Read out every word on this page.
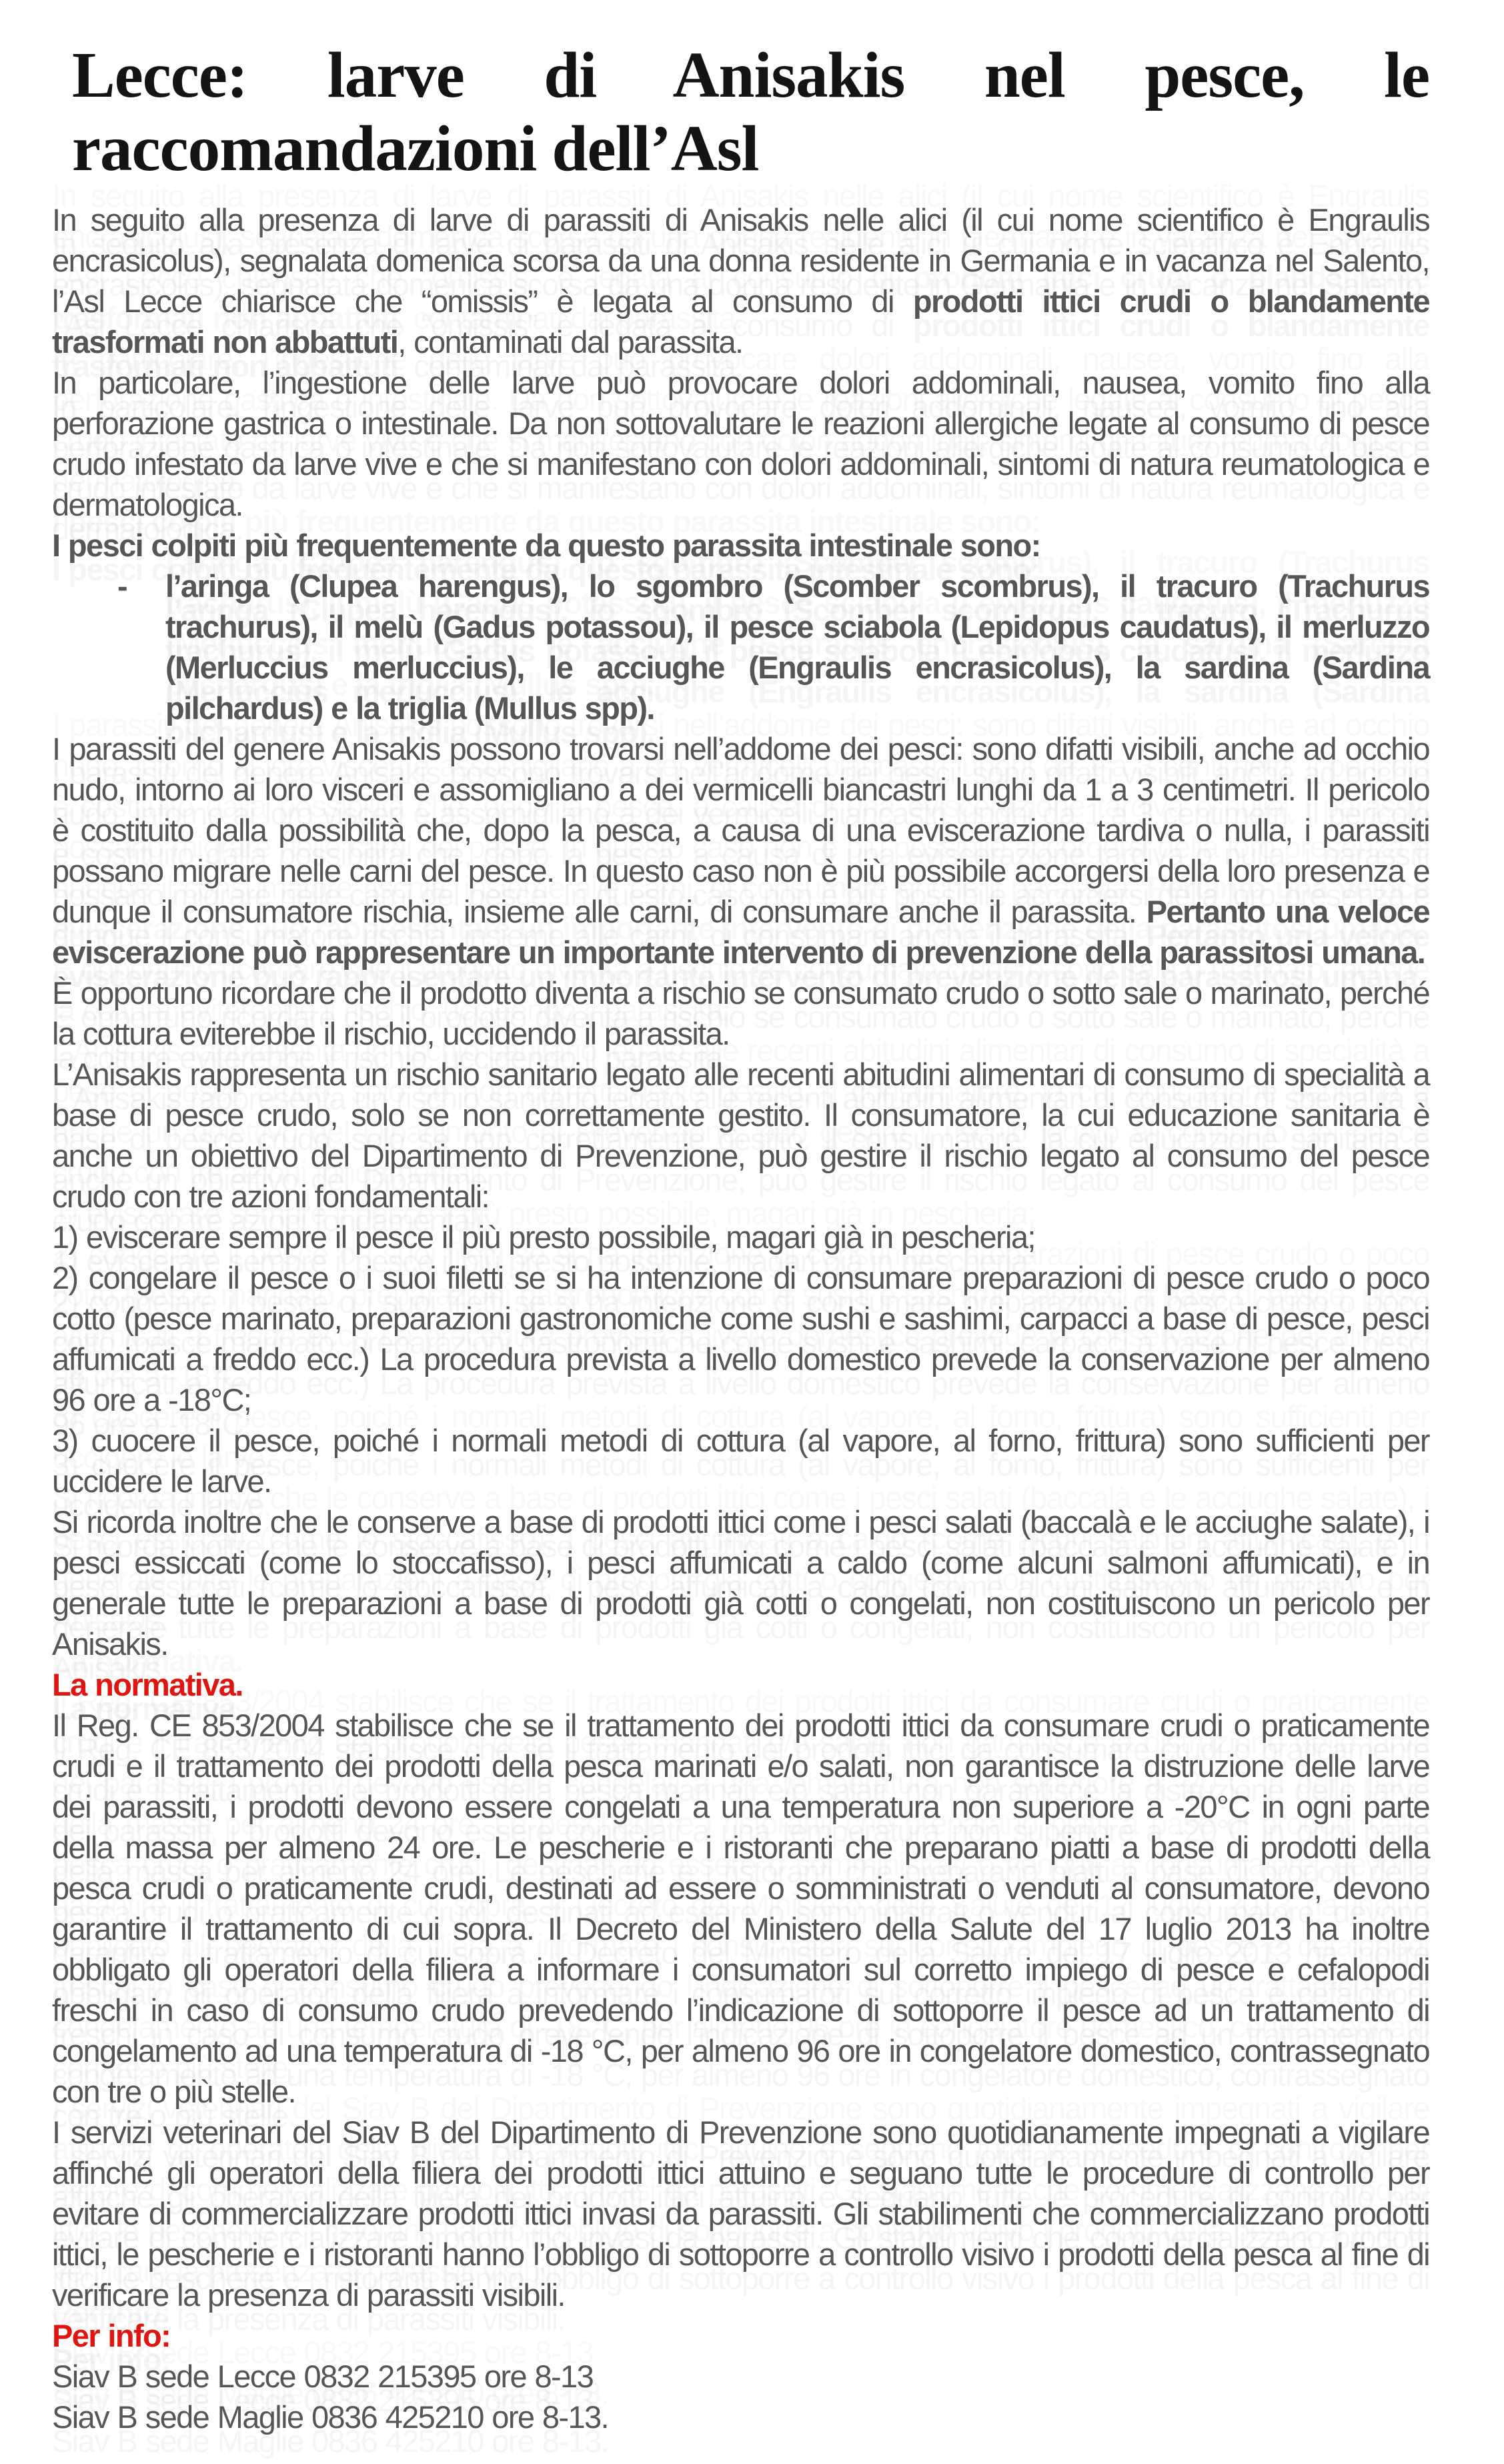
Lecce: larve di Anisakis nel pesce, le raccomandazioni dell’Asl

In seguito alla presenza di larve di parassiti di Anisakis nelle alici (il cui nome scientifico è Engraulis encrasicolus), segnalata domenica scorsa da una donna residente in Germania e in vacanza nel Salento, l’Asl Lecce chiarisce che “omissis” è legata al consumo di prodotti ittici crudi o blandamente trasformati non abbattuti, contaminati dal parassita.

In particolare, l’ingestione delle larve può provocare dolori addominali, nausea, vomito fino alla perforazione gastrica o intestinale. Da non sottovalutare le reazioni allergiche legate al consumo di pesce crudo infestato da larve vive e che si manifestano con dolori addominali, sintomi di natura reumatologica e dermatologica.

I pesci colpiti più frequentemente da questo parassita intestinale sono:

-	l’aringa (Clupea harengus), lo sgombro (Scomber scombrus), il tracuro (Trachurus trachurus), il melù (Gadus potassou), il pesce sciabola (Lepidopus caudatus), il merluzzo (Merluccius merluccius), le acciughe (Engraulis encrasicolus), la sardina (Sardina pilchardus) e la triglia (Mullus spp).

I parassiti del genere Anisakis possono trovarsi nell’addome dei pesci: sono difatti visibili, anche ad occhio nudo, intorno ai loro visceri e assomigliano a dei vermicelli biancastri lunghi da 1 a 3 centimetri. Il pericolo è costituito dalla possibilità che, dopo la pesca, a causa di una eviscerazione tardiva o nulla, i parassiti possano migrare nelle carni del pesce. In questo caso non è più possibile accorgersi della loro presenza e dunque il consumatore rischia, insieme alle carni, di consumare anche il parassita. Pertanto una veloce eviscerazione può rappresentare un importante intervento di prevenzione della parassitosi umana.

È opportuno ricordare che il prodotto diventa a rischio se consumato crudo o sotto sale o marinato, perché la cottura eviterebbe il rischio, uccidendo il parassita.

L’Anisakis rappresenta un rischio sanitario legato alle recenti abitudini alimentari di consumo di specialità a base di pesce crudo, solo se non correttamente gestito. Il consumatore, la cui educazione sanitaria è anche un obiettivo del Dipartimento di Prevenzione, può gestire il rischio legato al consumo del pesce crudo con tre azioni fondamentali:

1) eviscerare sempre il pesce il più presto possibile, magari già in pescheria;

2) congelare il pesce o i suoi filetti se si ha intenzione di consumare preparazioni di pesce crudo o poco cotto (pesce marinato, preparazioni gastronomiche come sushi e sashimi, carpacci a base di pesce, pesci affumicati a freddo ecc.) La procedura prevista a livello domestico prevede la conservazione per almeno 96 ore a -18°C;

3) cuocere il pesce, poiché i normali metodi di cottura (al vapore, al forno, frittura) sono sufficienti per uccidere le larve.

Si ricorda inoltre che le conserve a base di prodotti ittici come i pesci salati (baccalà e le acciughe salate), i pesci essiccati (come lo stoccafisso), i pesci affumicati a caldo (come alcuni salmoni affumicati), e in generale tutte le preparazioni a base di prodotti già cotti o congelati, non costituiscono un pericolo per Anisakis.

La normativa.

Il Reg. CE 853/2004 stabilisce che se il trattamento dei prodotti ittici da consumare crudi o praticamente crudi e il trattamento dei prodotti della pesca marinati e/o salati, non garantisce la distruzione delle larve dei parassiti, i prodotti devono essere congelati a una temperatura non superiore a -20°C in ogni parte della massa per almeno 24 ore. Le pescherie e i ristoranti che preparano piatti a base di prodotti della pesca crudi o praticamente crudi, destinati ad essere o somministrati o venduti al consumatore, devono garantire il trattamento di cui sopra. Il Decreto del Ministero della Salute del 17 luglio 2013 ha inoltre obbligato gli operatori della filiera a informare i consumatori sul corretto impiego di pesce e cefalopodi freschi in caso di consumo crudo prevedendo l’indicazione di sottoporre il pesce ad un trattamento di congelamento ad una temperatura di -18 °C, per almeno 96 ore in congelatore domestico, contrassegnato con tre o più stelle.

I servizi veterinari del Siav B del Dipartimento di Prevenzione sono quotidianamente impegnati a vigilare affinché gli operatori della filiera dei prodotti ittici attuino e seguano tutte le procedure di controllo per evitare di commercializzare prodotti ittici invasi da parassiti. Gli stabilimenti che commercializzano prodotti ittici, le pescherie e i ristoranti hanno l’obbligo di sottoporre a controllo visivo i prodotti della pesca al fine di verificare la presenza di parassiti visibili.

Per info:

Siav B sede Lecce 0832 215395 ore 8-13

Siav B sede Maglie 0836 425210 ore 8-13.
